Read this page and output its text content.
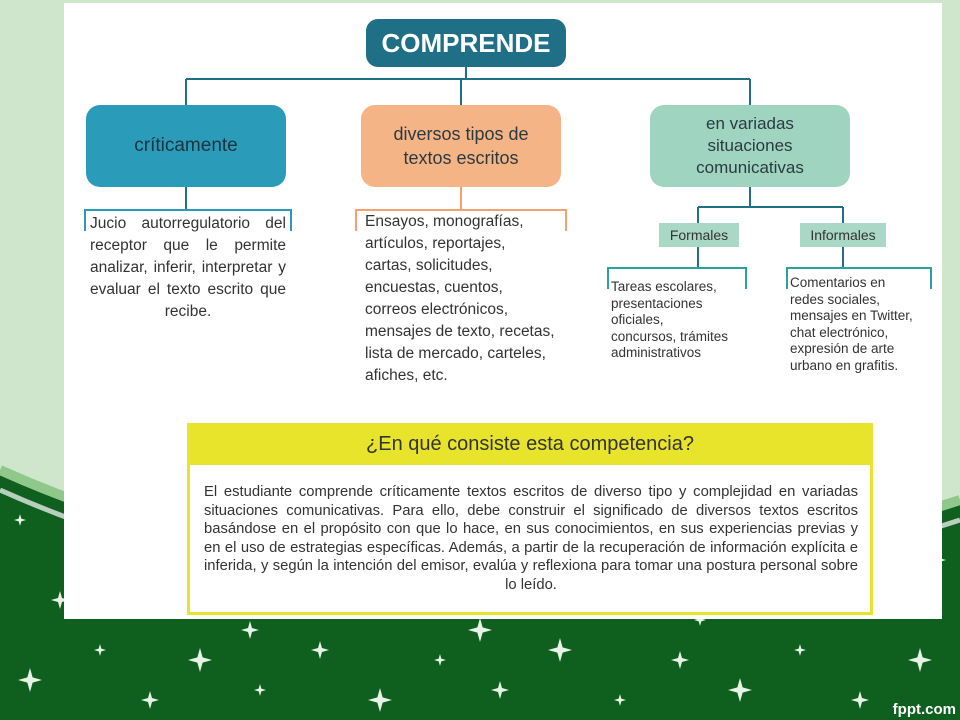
COMPRENDE
críticamente
diversos tipos de
textos escritos
en variadas
situaciones
comunicativas
Jucio autorregulatorio del receptor que le permite analizar, inferir, interpretar y evaluar el texto escrito que recibe.
Ensayos, monografías,
artículos, reportajes,
cartas, solicitudes,
encuestas, cuentos,
correos electrónicos,
mensajes de texto, recetas,
lista de mercado, carteles,
afiches, etc.
Formales	Informales
Tareas escolares,
presentaciones
oficiales,
concursos, trámites
administrativos
Comentarios en
redes sociales,
mensajes en Twitter,
chat electrónico,
expresión de arte
urbano en grafitis.
¿En qué consiste esta competencia?
El estudiante comprende críticamente textos escritos de diverso tipo y complejidad en variadas situaciones comunicativas. Para ello, debe construir el significado de diversos textos escritos basándose en el propósito con que lo hace, en sus conocimientos, en sus experiencias previas y en el uso de estrategias específicas. Además, a partir de la recuperación de información explícita e inferida, y según la intención del emisor, evalúa y reflexiona para tomar una postura personal sobre lo leído.
fppt.com
